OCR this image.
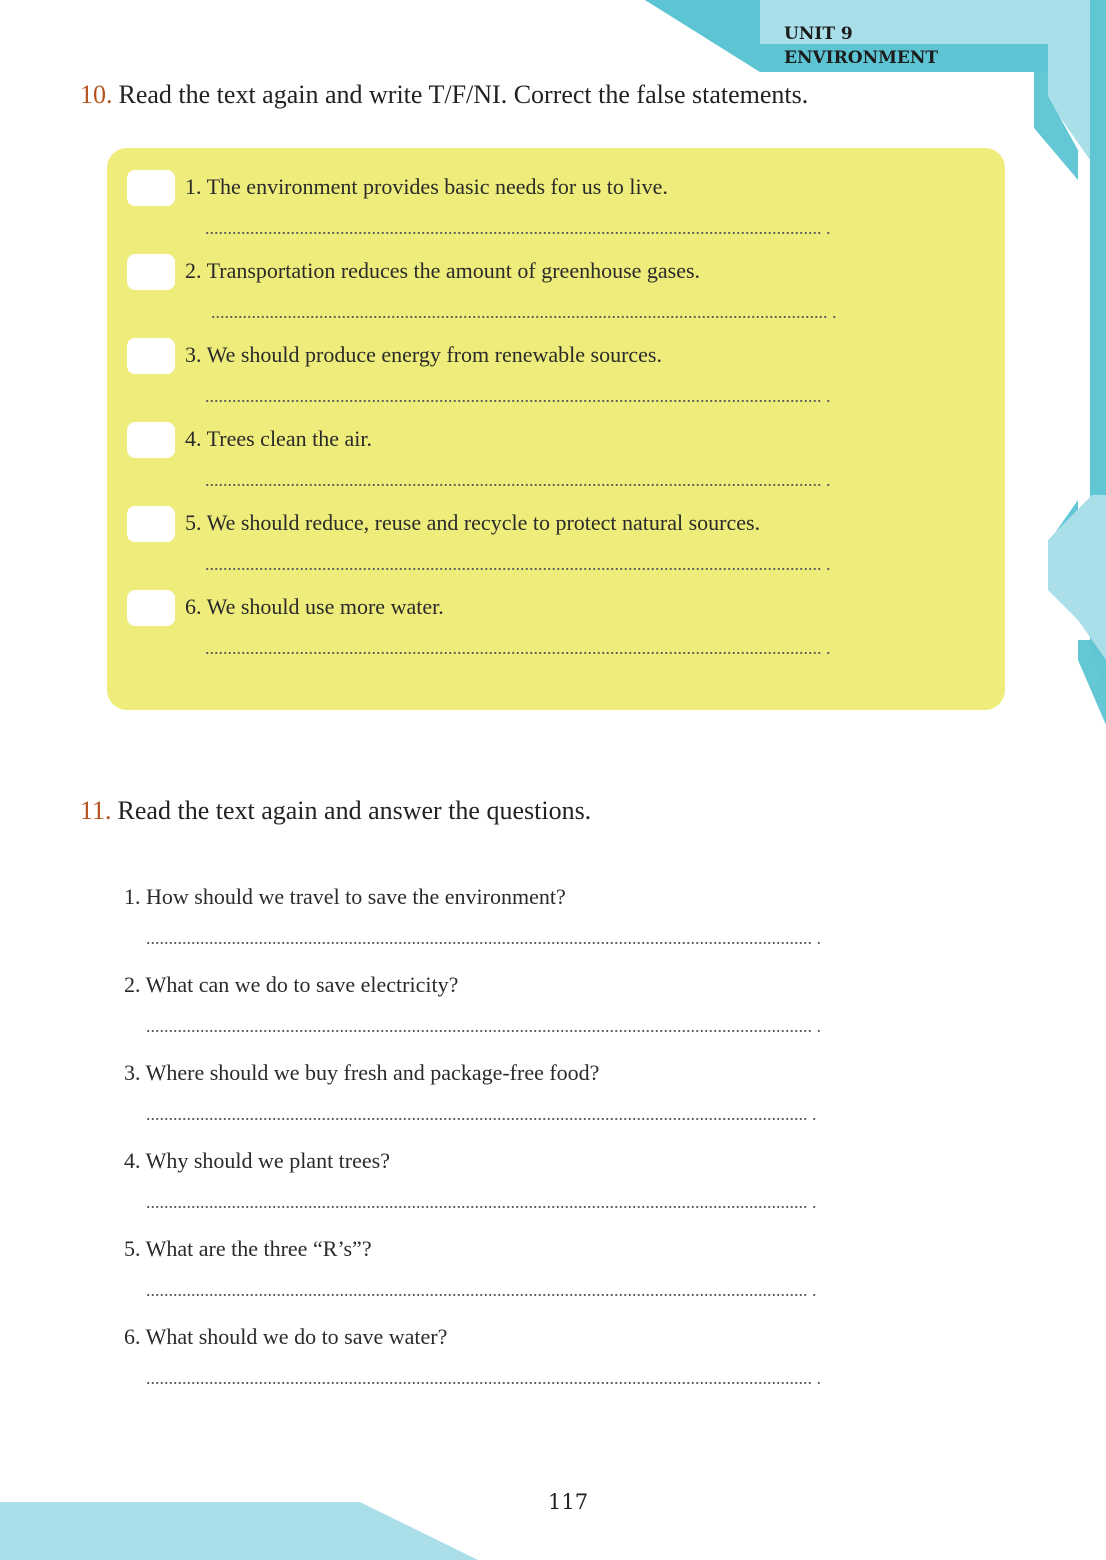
UNIT 9
ENVIRONMENT
10. Read the text again and write T/F/NI. Correct the false statements.
1. The environment provides basic needs for us to live.
......................................................................................................................................... .
2. Transportation reduces the amount of greenhouse gases.
......................................................................................................................................... .
3. We should produce energy from renewable sources.
......................................................................................................................................... .
4. Trees clean the air.
......................................................................................................................................... .
5. We should reduce, reuse and recycle to protect natural sources.
......................................................................................................................................... .
6. We should use more water.
......................................................................................................................................... .
11. Read the text again and answer the questions.
1. How should we travel to save the environment?
.................................................................................................................................................... .
2. What can we do to save electricity?
.................................................................................................................................................... .
3. Where should we buy fresh and package-free food?
................................................................................................................................................... .
4. Why should we plant trees?
................................................................................................................................................... .
5. What are the three “R’s”?
................................................................................................................................................... .
6. What should we do to save water?
.................................................................................................................................................... .
117
